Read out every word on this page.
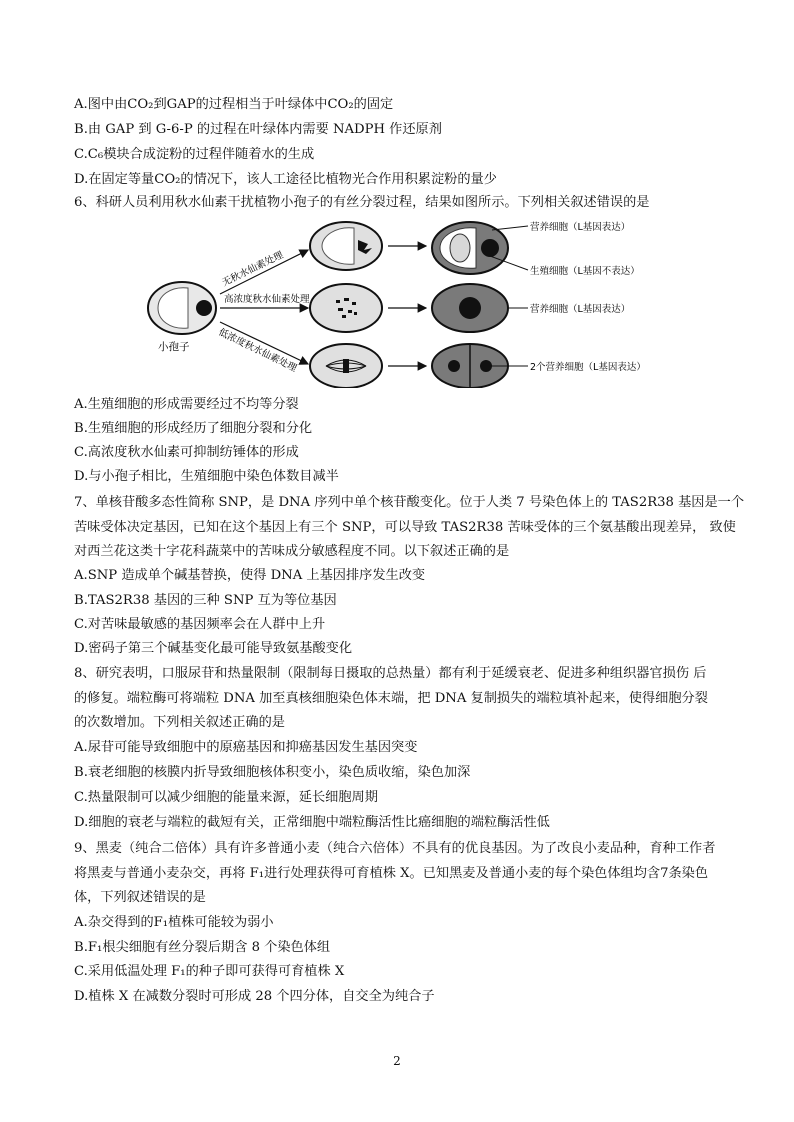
A.图中由CO₂到GAP的过程相当于叶绿体中CO₂的固定
B.由 GAP 到 G-6-P 的过程在叶绿体内需要 NADPH 作还原剂
C.C₆模块合成淀粉的过程伴随着水的生成
D.在固定等量CO₂的情况下，该人工途径比植物光合作用积累淀粉的量少
6、科研人员利用秋水仙素干扰植物小孢子的有丝分裂过程，结果如图所示。下列相关叙述错误的是
小孢子
无秋水仙素处理
高浓度秋水仙素处理
低浓度秋水仙素处理
营养细胞（L基因表达）
生殖细胞（L基因不表达）
营养细胞（L基因表达）
2个营养细胞（L基因表达）
A.生殖细胞的形成需要经过不均等分裂
B.生殖细胞的形成经历了细胞分裂和分化
C.高浓度秋水仙素可抑制纺锤体的形成
D.与小孢子相比，生殖细胞中染色体数目减半
7、单核苷酸多态性简称 SNP，是 DNA 序列中单个核苷酸变化。位于人类 7 号染色体上的 TAS2R38 基因是一个
苦味受体决定基因，已知在这个基因上有三个 SNP，可以导致 TAS2R38 苦味受体的三个氨基酸出现差异， 致使
对西兰花这类十字花科蔬菜中的苦味成分敏感程度不同。以下叙述正确的是
A.SNP 造成单个碱基替换，使得 DNA 上基因排序发生改变
B.TAS2R38 基因的三种 SNP 互为等位基因
C.对苦味最敏感的基因频率会在人群中上升
D.密码子第三个碱基变化最可能导致氨基酸变化
8、研究表明，口服尿苷和热量限制（限制每日摄取的总热量）都有利于延缓衰老、促进多种组织器官损伤 后
的修复。端粒酶可将端粒 DNA 加至真核细胞染色体末端，把 DNA 复制损失的端粒填补起来，使得细胞分裂
的次数增加。下列相关叙述正确的是
A.尿苷可能导致细胞中的原癌基因和抑癌基因发生基因突变
B.衰老细胞的核膜内折导致细胞核体积变小，染色质收缩，染色加深
C.热量限制可以减少细胞的能量来源，延长细胞周期
D.细胞的衰老与端粒的截短有关，正常细胞中端粒酶活性比癌细胞的端粒酶活性低
9、黑麦（纯合二倍体）具有许多普通小麦（纯合六倍体）不具有的优良基因。为了改良小麦品种，育种工作者
将黑麦与普通小麦杂交，再将 F₁进行处理获得可育植株 X。已知黑麦及普通小麦的每个染色体组均含7条染色
体，下列叙述错误的是
A.杂交得到的F₁植株可能较为弱小
B.F₁根尖细胞有丝分裂后期含 8 个染色体组
C.采用低温处理 F₁的种子即可获得可育植株 X
D.植株 X 在减数分裂时可形成 28 个四分体，自交全为纯合子
2
